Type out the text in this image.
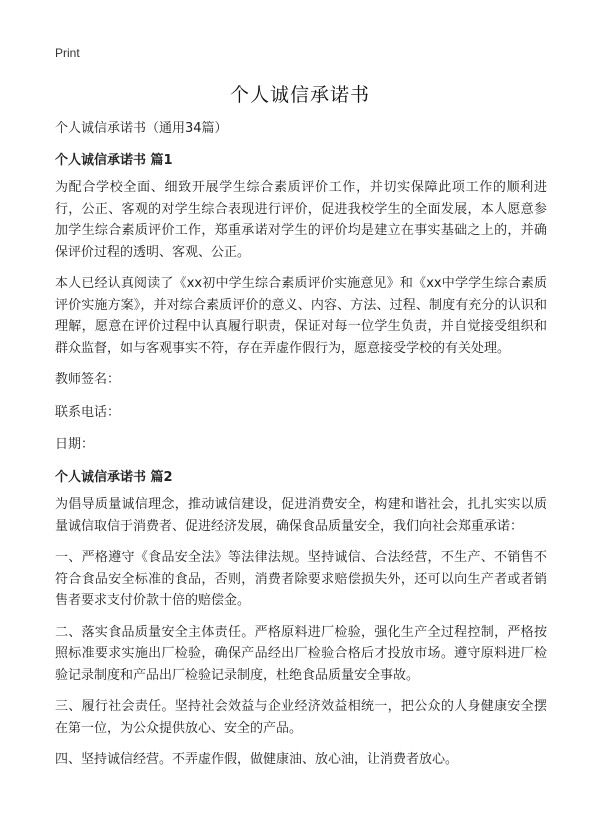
Print
个人诚信承诺书

个人诚信承诺书（通用34篇）

个人诚信承诺书 篇1

为配合学校全面、细致开展学生综合素质评价工作，并切实保障此项工作的顺利进行，公正、客观的对学生综合表现进行评价，促进我校学生的全面发展，本人愿意参加学生综合素质评价工作，郑重承诺对学生的评价均是建立在事实基础之上的，并确保评价过程的透明、客观、公正。

本人已经认真阅读了《xx初中学生综合素质评价实施意见》和《xx中学学生综合素质评价实施方案》，并对综合素质评价的意义、内容、方法、过程、制度有充分的认识和理解，愿意在评价过程中认真履行职责，保证对每一位学生负责，并自觉接受组织和群众监督，如与客观事实不符，存在弄虚作假行为，愿意接受学校的有关处理。

教师签名：

联系电话：

日期：

个人诚信承诺书 篇2

为倡导质量诚信理念，推动诚信建设，促进消费安全，构建和谐社会，扎扎实实以质量诚信取信于消费者、促进经济发展，确保食品质量安全，我们向社会郑重承诺：

一、严格遵守《食品安全法》等法律法规。坚持诚信、合法经营，不生产、不销售不符合食品安全标准的食品，否则，消费者除要求赔偿损失外，还可以向生产者或者销售者要求支付价款十倍的赔偿金。

二、落实食品质量安全主体责任。严格原料进厂检验，强化生产全过程控制，严格按照标准要求实施出厂检验，确保产品经出厂检验合格后才投放市场。遵守原料进厂检验记录制度和产品出厂检验记录制度，杜绝食品质量安全事故。

三、履行社会责任。坚持社会效益与企业经济效益相统一，把公众的人身健康安全摆在第一位，为公众提供放心、安全的产品。

四、坚持诚信经营。不弄虚作假，做健康油、放心油，让消费者放心。
